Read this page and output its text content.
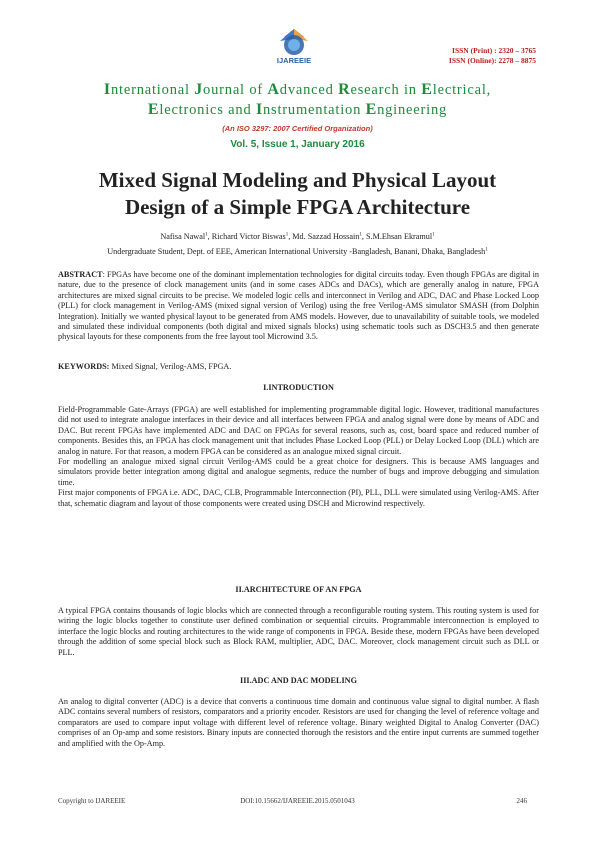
IJAREEIE
ISSN (Print) : 2320 – 3765
ISSN (Online): 2278 – 8875
International Journal of Advanced Research in Electrical,
Electronics and Instrumentation Engineering
(An ISO 3297: 2007 Certified Organization)
Vol. 5, Issue 1, January 2016
Mixed Signal Modeling and Physical Layout
Design of a Simple FPGA Architecture
Nafisa Nawal$^1$, Richard Victor Biswas$^1$, Md. Sazzad Hossain$^1$, S.M.Ehsan Ekramul$^1$
Undergraduate Student, Dept. of EEE, American International University -Bangladesh, Banani, Dhaka, Bangladesh$^1$

ABSTRACT: FPGAs have become one of the dominant implementation technologies for digital circuits today. Even though FPGAs are digital in nature, due to the presence of clock management units (and in some cases ADCs and DACs), which are generally analog in nature, FPGA architectures are mixed signal circuits to be precise. We modeled logic cells and interconnect in Verilog and ADC, DAC and Phase Locked Loop (PLL) for clock management in Verilog-AMS (mixed signal version of Verilog) using the free Verilog-AMS simulator SMASH (from Dolphin Integration). Initially we wanted physical layout to be generated from AMS models. However, due to unavailability of suitable tools, we modeled and simulated these individual components (both digital and mixed signals blocks) using schematic tools such as DSCH3.5 and then generate physical layouts for these components from the free layout tool Microwind 3.5.

KEYWORDS: Mixed Signal, Verilog-AMS, FPGA.

I.INTRODUCTION

Field-Programmable Gate-Arrays (FPGA) are well established for implementing programmable digital logic. However, traditional manufactures did not used to integrate analogue interfaces in their device and all interfaces between FPGA and analog signal were done by means of ADC and DAC. But recent FPGAs have implemented ADC and DAC on FPGAs for several reasons, such as, cost, board space and reduced number of components. Besides this, an FPGA has clock management unit that includes Phase Locked Loop (PLL) or Delay Locked Loop (DLL) which are analog in nature. For that reason, a modern FPGA can be considered as an analogue mixed signal circuit.

For modelling an analogue mixed signal circuit Verilog-AMS could be a great choice for designers. This is because AMS languages and simulators provide better integration among digital and analogue segments, reduce the number of bugs and improve debugging and simulation time.

First major components of FPGA i.e. ADC, DAC, CLB, Programmable Interconnection (PI), PLL, DLL were simulated using Verilog-AMS. After that, schematic diagram and layout of those components were created using DSCH and Microwind respectively.

II.ARCHITECTURE OF AN FPGA

A typical FPGA contains thousands of logic blocks which are connected through a reconfigurable routing system. This routing system is used for wiring the logic blocks together to constitute user defined combination or sequential circuits. Programmable interconnection is employed to interface the logic blocks and routing architectures to the wide range of components in FPGA. Beside these, modern FPGAs have been developed through the addition of some special block such as Block RAM, multiplier, ADC, DAC. Moreover, clock management circuit such as DLL or PLL.

III.ADC AND DAC MODELING

An analog to digital converter (ADC) is a device that converts a continuous time domain and continuous value signal to digital number. A flash ADC contains several numbers of resistors, comparators and a priority encoder. Resistors are used for changing the level of reference voltage and comparators are used to compare input voltage with different level of reference voltage. Binary weighted Digital to Analog Converter (DAC) comprises of an Op-amp and some resistors. Binary inputs are connected thorough the resistors and the entire input currents are summed together and amplified with the Op-Amp.

Copyright to IJAREEIE	DOI:10.15662/IJAREEIE.2015.0501043	246
